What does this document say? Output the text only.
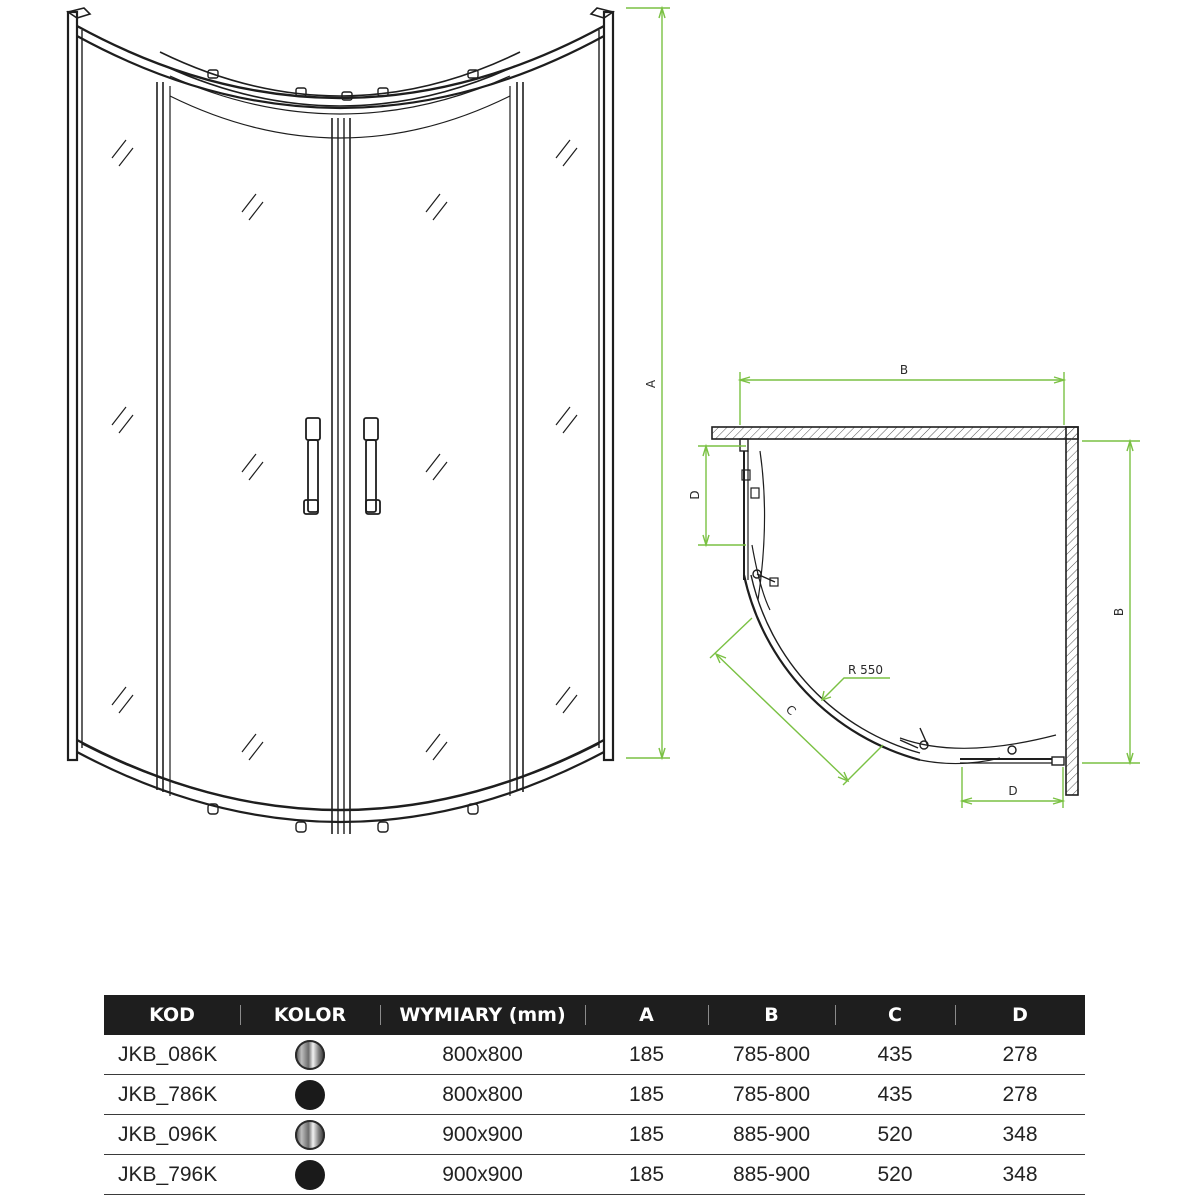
A
B
B
D
D
C
R 550
KOD	KOLOR	WYMIARY (mm)	A	B	C	D
JKB_086K		800x800	185	785-800	435	278
JKB_786K		800x800	185	785-800	435	278
JKB_096K		900x900	185	885-900	520	348
JKB_796K		900x900	185	885-900	520	348
